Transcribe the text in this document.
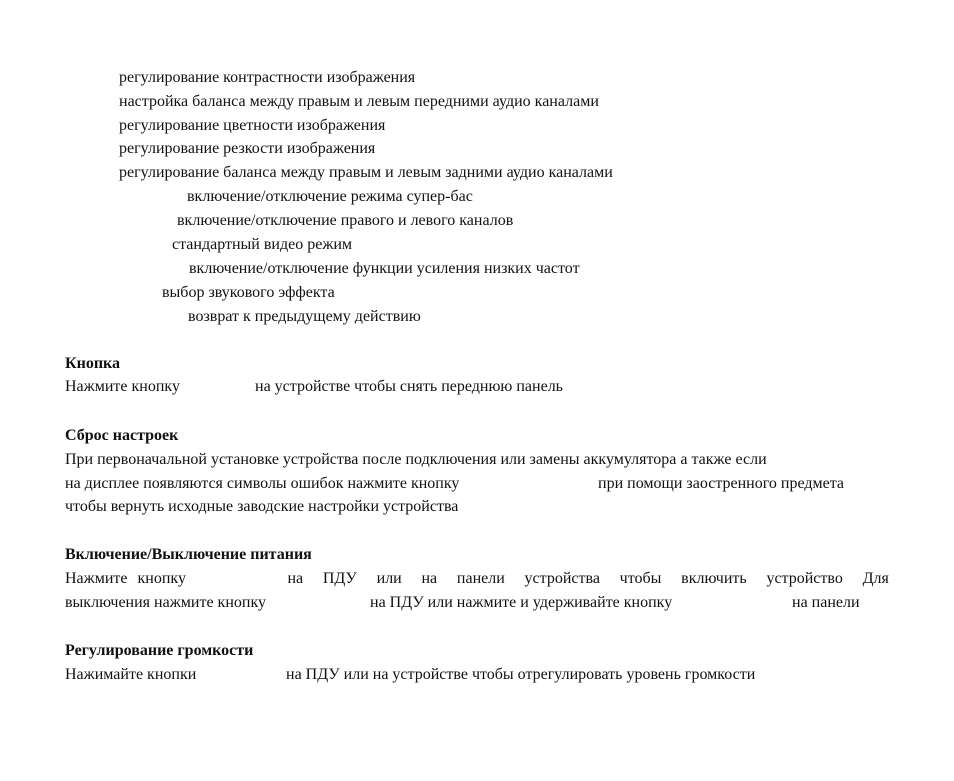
регулирование контрастности изображения
настройка баланса между правым и левым передними аудио каналами
регулирование цветности изображения
регулирование резкости изображения
регулирование баланса между правым и левым задними аудио каналами
включение/отключение режима супер-бас
включение/отключение правого и левого каналов
стандартный видео режим
включение/отключение функции усиления низких частот
выбор звукового эффекта
возврат к предыдущему действию
Кнопка
Нажмите кнопку	на устройстве чтобы снять переднюю панель
Сброс настроек
При первоначальной установке устройства после подключения или замены аккумулятора а также если
на дисплее появляются символы ошибок нажмите кнопку	при помощи заостренного предмета
чтобы вернуть исходные заводские настройки устройства
Включение/Выключение питания
Нажмите кнопку	на ПДУ или на панели устройства чтобы включить устройство Для
выключения нажмите кнопку	на ПДУ или нажмите и удерживайте кнопку	на панели
Регулирование громкости
Нажимайте кнопки	на ПДУ или на устройстве чтобы отрегулировать уровень громкости
